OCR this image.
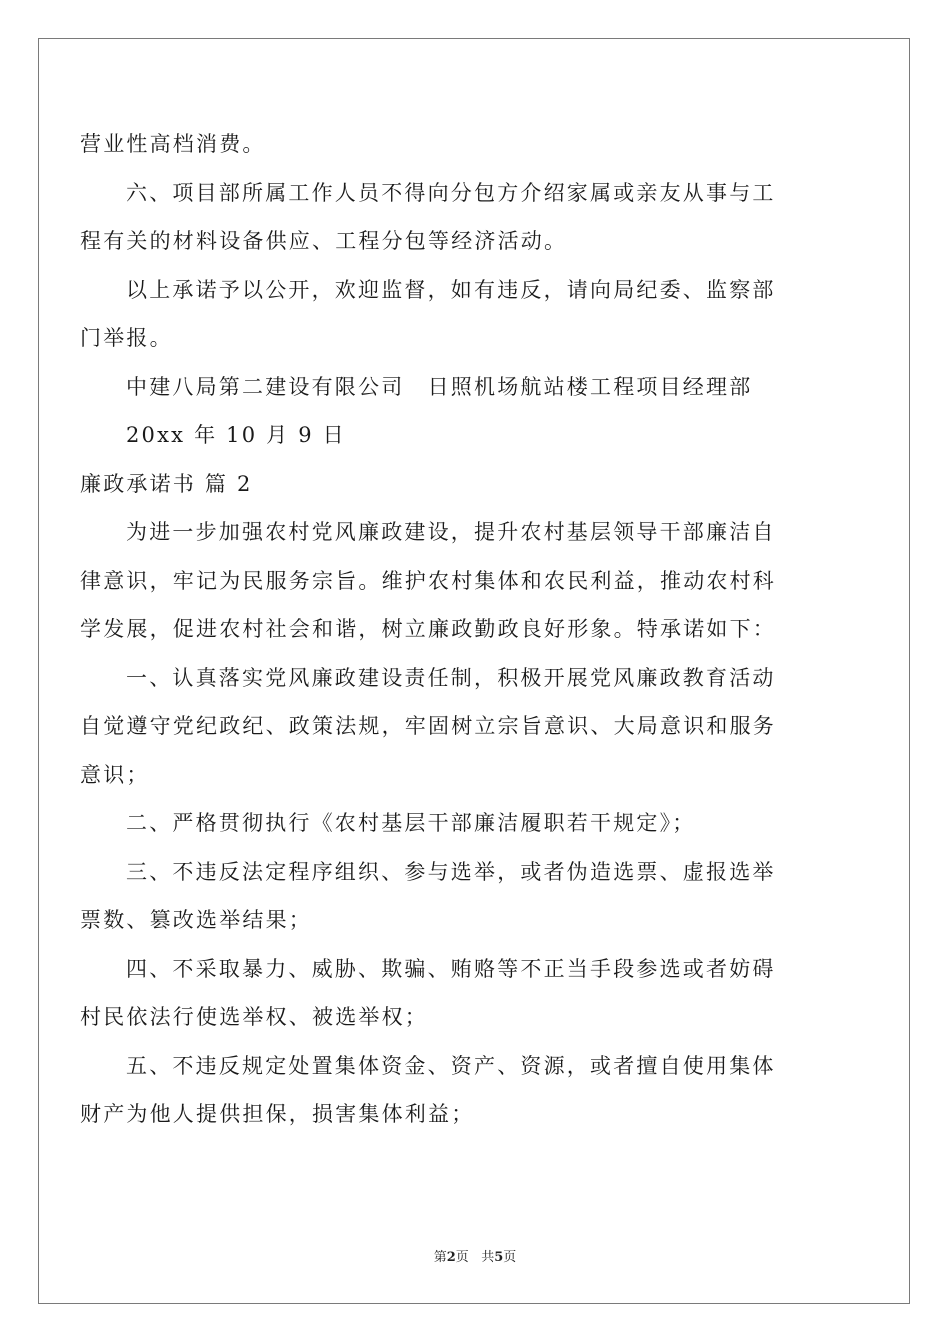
营业性高档消费。
六、项目部所属工作人员不得向分包方介绍家属或亲友从事与工
程有关的材料设备供应、工程分包等经济活动。
以上承诺予以公开，欢迎监督，如有违反，请向局纪委、监察部
门举报。
中建八局第二建设有限公司　日照机场航站楼工程项目经理部
20xx 年 10 月 9 日
廉政承诺书 篇 2
为进一步加强农村党风廉政建设，提升农村基层领导干部廉洁自
律意识，牢记为民服务宗旨。维护农村集体和农民利益，推动农村科
学发展，促进农村社会和谐，树立廉政勤政良好形象。特承诺如下：
一、认真落实党风廉政建设责任制，积极开展党风廉政教育活动
自觉遵守党纪政纪、政策法规，牢固树立宗旨意识、大局意识和服务
意识；
二、严格贯彻执行《农村基层干部廉洁履职若干规定》；
三、不违反法定程序组织、参与选举，或者伪造选票、虚报选举
票数、篡改选举结果；
四、不采取暴力、威胁、欺骗、贿赂等不正当手段参选或者妨碍
村民依法行使选举权、被选举权；
五、不违反规定处置集体资金、资产、资源，或者擅自使用集体
财产为他人提供担保，损害集体利益；
第2页 共5页
